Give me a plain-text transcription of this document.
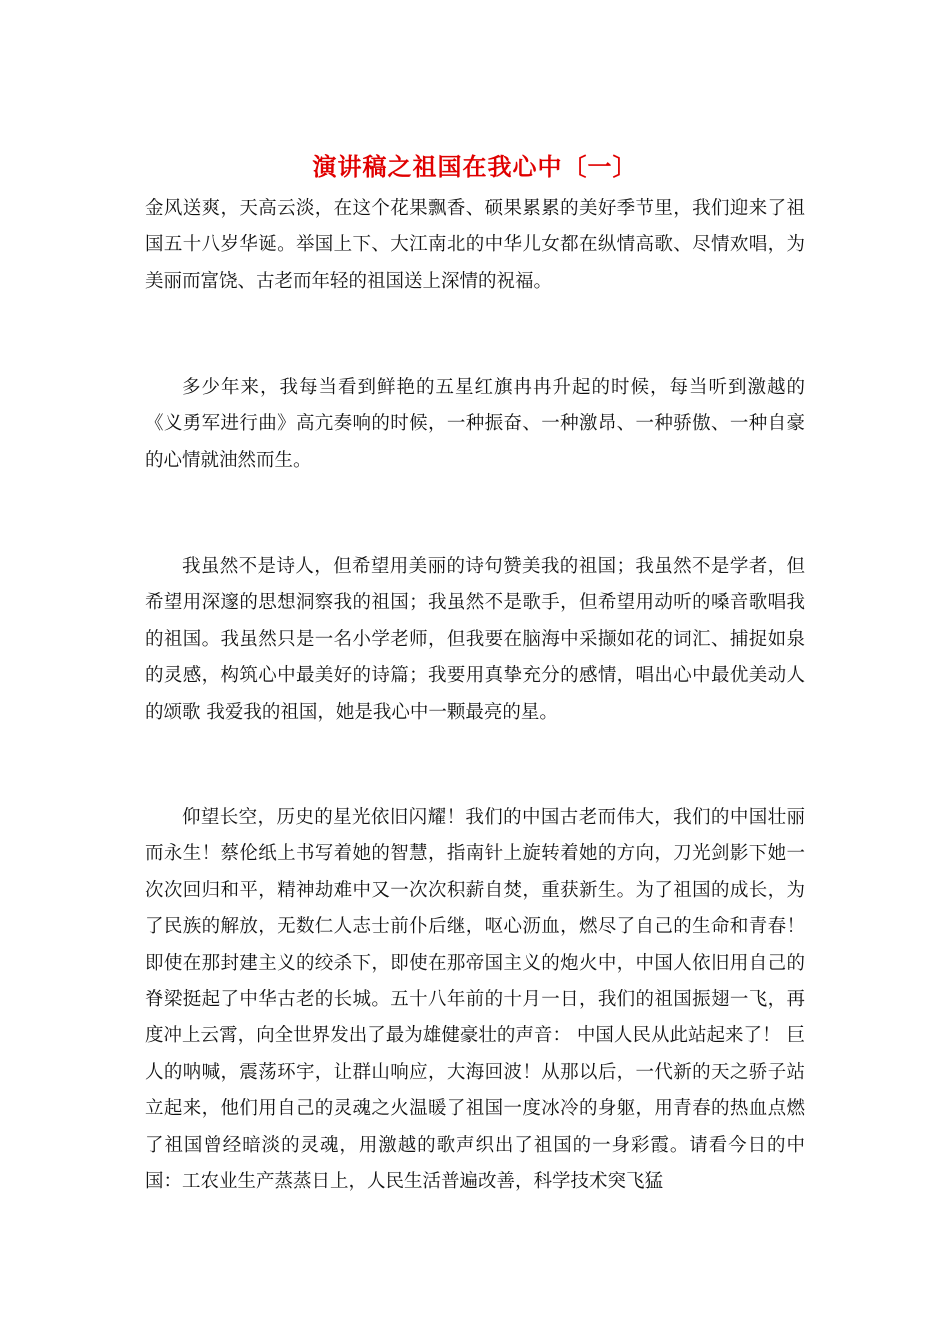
演讲稿之祖国在我心中〔一〕

金风送爽，天高云淡，在这个花果飘香、硕果累累的美好季节里，我们迎来了祖国五十八岁华诞。举国上下、大江南北的中华儿女都在纵情高歌、尽情欢唱，为美丽而富饶、古老而年轻的祖国送上深情的祝福。

多少年来，我每当看到鲜艳的五星红旗冉冉升起的时候，每当听到激越的《义勇军进行曲》高亢奏响的时候，一种振奋、一种激昂、一种骄傲、一种自豪的心情就油然而生。

我虽然不是诗人，但希望用美丽的诗句赞美我的祖国；我虽然不是学者，但希望用深邃的思想洞察我的祖国；我虽然不是歌手，但希望用动听的嗓音歌唱我的祖国。我虽然只是一名小学老师，但我要在脑海中采撷如花的词汇、捕捉如泉的灵感，构筑心中最美好的诗篇；我要用真挚充分的感情，唱出心中最优美动人的颂歌 我爱我的祖国，她是我心中一颗最亮的星。

仰望长空，历史的星光依旧闪耀！我们的中国古老而伟大，我们的中国壮丽而永生！蔡伦纸上书写着她的智慧，指南针上旋转着她的方向，刀光剑影下她一次次回归和平，精神劫难中又一次次积薪自焚，重获新生。为了祖国的成长，为了民族的解放，无数仁人志士前仆后继，呕心沥血，燃尽了自己的生命和青春！即使在那封建主义的绞杀下，即使在那帝国主义的炮火中，中国人依旧用自己的脊梁挺起了中华古老的长城。五十八年前的十月一日，我们的祖国振翅一飞，再度冲上云霄，向全世界发出了最为雄健豪壮的声音： 中国人民从此站起来了！ 巨人的呐喊，震荡环宇，让群山响应，大海回波！从那以后，一代新的天之骄子站立起来，他们用自己的灵魂之火温暖了祖国一度冰冷的身躯，用青春的热血点燃了祖国曾经暗淡的灵魂，用激越的歌声织出了祖国的一身彩霞。请看今日的中国：工农业生产蒸蒸日上，人民生活普遍改善，科学技术突飞猛
